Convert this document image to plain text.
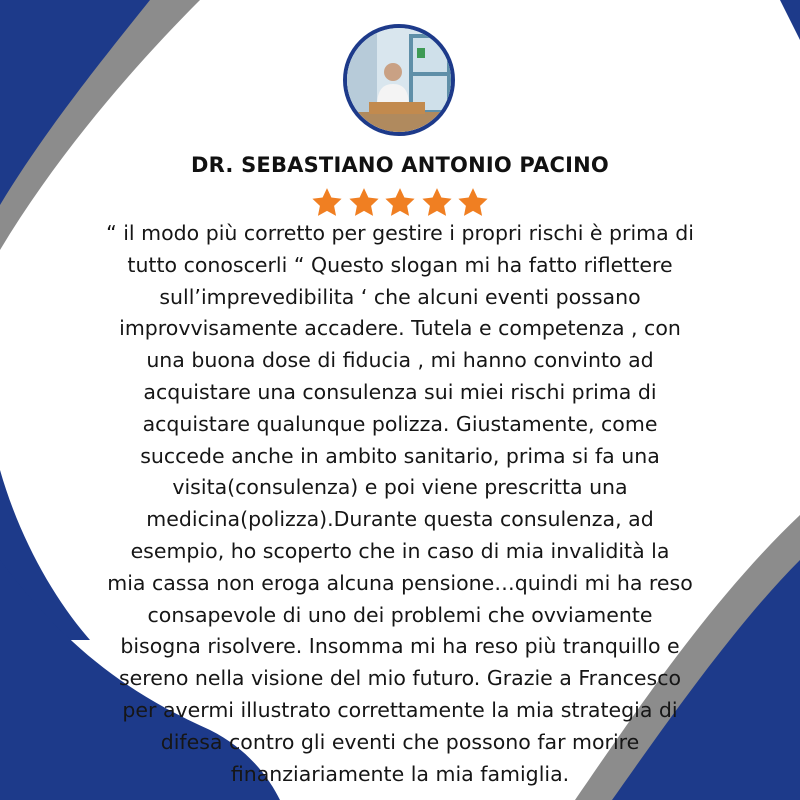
DR. SEBASTIANO ANTONIO PACINO

“ il modo più corretto per gestire i propri rischi è prima di
tutto conoscerli “ Questo slogan mi ha fatto riflettere
sull’imprevedibilita ‘ che alcuni eventi possano
improvvisamente accadere. Tutela e competenza , con
una buona dose di fiducia , mi hanno convinto ad
acquistare una consulenza sui miei rischi prima di
acquistare qualunque polizza. Giustamente, come
succede anche in ambito sanitario, prima si fa una
visita(consulenza) e poi viene prescritta una
medicina(polizza).Durante questa consulenza, ad
esempio, ho scoperto che in caso di mia invalidità la
mia cassa non eroga alcuna pensione…quindi mi ha reso
consapevole di uno dei problemi che ovviamente
bisogna risolvere. Insomma mi ha reso più tranquillo e
sereno nella visione del mio futuro. Grazie a Francesco
per avermi illustrato correttamente la mia strategia di
difesa contro gli eventi che possono far morire
finanziariamente la mia famiglia.
